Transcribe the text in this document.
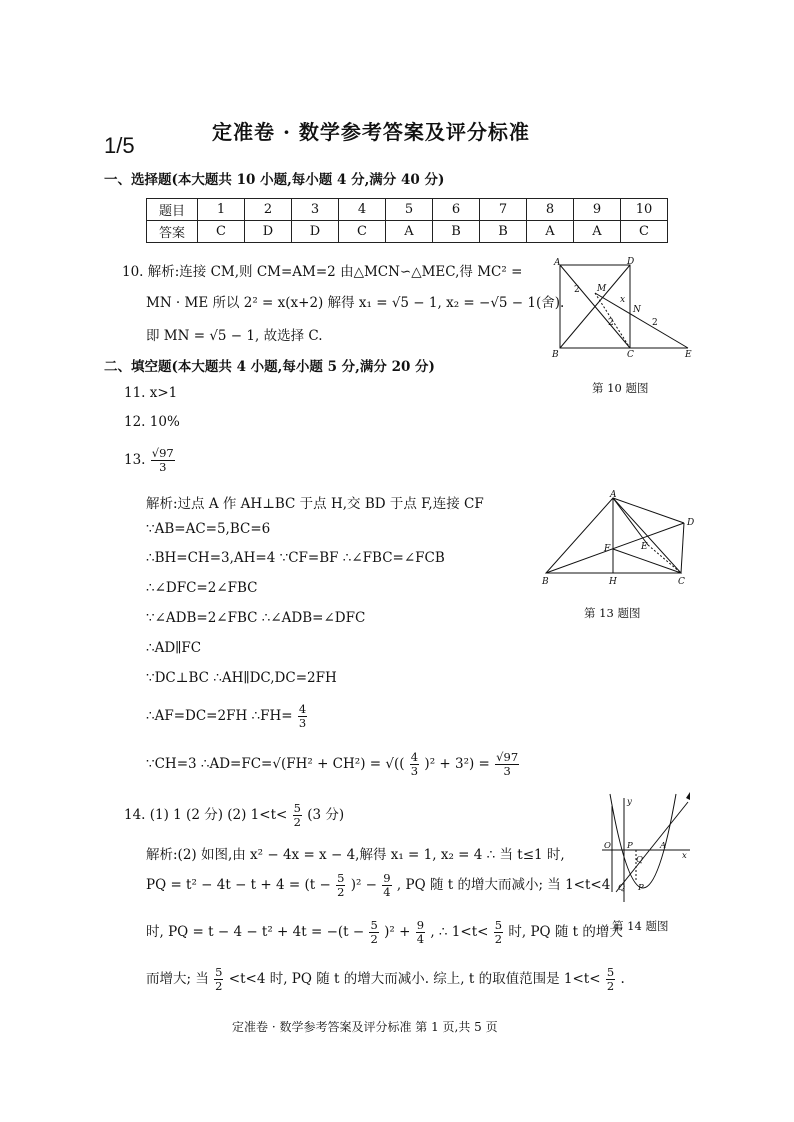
1/5
定准卷 · 数学参考答案及评分标准
一、选择题(本大题共 10 小题,每小题 4 分,满分 40 分)
题目	1	2	3	4	5	6	7	8	9	10
答案	C	D	D	C	A	B	B	A	A	C
10. 解析:连接 CM,则 CM=AM=2 由△MCN∽△MEC,得 MC² =
MN · ME 所以 2² = x(x+2) 解得 x₁ = √5 − 1, x₂ = −√5 − 1(舍).
即 MN = √5 − 1, 故选择 C.
A	D
B	C	E
M
N
x
2
2	2
第 10 题图
二、填空题(本大题共 4 小题,每小题 5 分,满分 20 分)
11. x>1
12. 10%
13. $\frac{√97}{3}$
解析:过点 A 作 AH⊥BC 于点 H,交 BD 于点 F,连接 CF
∵AB=AC=5,BC=6
∴BH=CH=3,AH=4 ∵CF=BF ∴∠FBC=∠FCB
∴∠DFC=2∠FBC
∵∠ADB=2∠FBC ∴∠ADB=∠DFC
∴AD∥FC
∵DC⊥BC ∴AH∥DC,DC=2FH
∴AF=DC=2FH ∴FH= $\frac{4}{3}$
∵CH=3 ∴AD=FC=√(FH² + CH²) = √(( $\frac{4}{3} )^2 + 3^2) = \frac{√97}{3}$
A
D
F	E
B	H	C
第 13 题图
14. (1) 1 (2 分) (2) $1<t< \frac{5}{2} (3$ 分)
解析:(2) 如图,由 x² − 4x = x − 4,解得 x₁ = 1, x₂ = 4 ∴ 当 t≤1 时,
PQ = $t^2 - 4t - t + 4 = (t - \frac{5}{2} )^2 - \frac{9}{4}$ , PQ 随 t 的增大而减小; 当 1<t<4
时, PQ = $t - 4 - t^2 + 4t = -(t - \frac{5}{2} )^2 + \frac{9}{4}$ , ∴ $1<t< \frac{5}{2}$ 时, PQ 随 t 的增大
而增大; 当 $\frac{5}{2} <t<4$ 时, PQ 随 t 的增大而减小. 综上, t 的取值范围是 $1<t< \frac{5}{2}$ .
y
O P
Q
A
x
Q P
第 14 题图
定准卷 · 数学参考答案及评分标准 第 1 页,共 5 页
